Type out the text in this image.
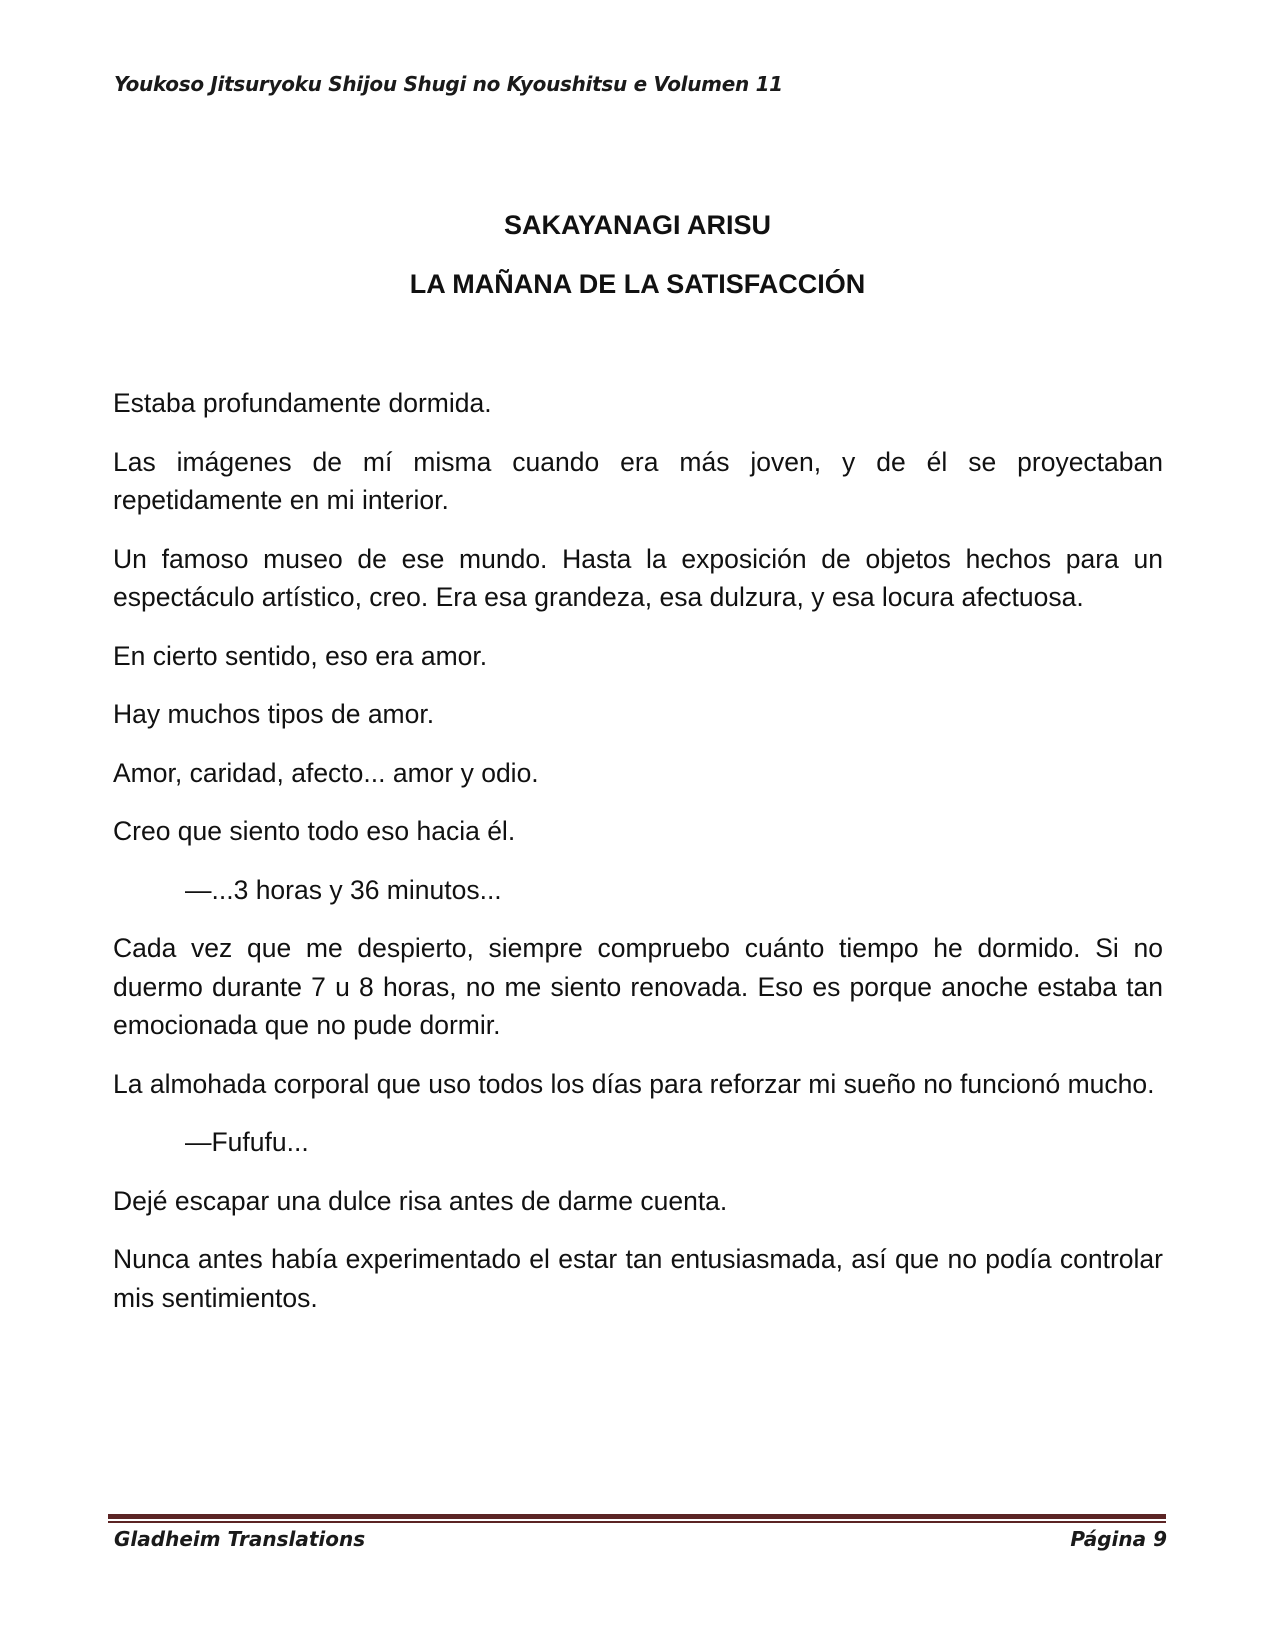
Youkoso Jitsuryoku Shijou Shugi no Kyoushitsu e Volumen 11
SAKAYANAGI ARISU
LA MAÑANA DE LA SATISFACCIÓN

Estaba profundamente dormida.

Las imágenes de mí misma cuando era más joven, y de él se proyectaban repetidamente en mi interior.

Un famoso museo de ese mundo. Hasta la exposición de objetos hechos para un espectáculo artístico, creo. Era esa grandeza, esa dulzura, y esa locura afectuosa.

En cierto sentido, eso era amor.

Hay muchos tipos de amor.

Amor, caridad, afecto... amor y odio.

Creo que siento todo eso hacia él.

—...3 horas y 36 minutos...

Cada vez que me despierto, siempre compruebo cuánto tiempo he dormido. Si no duermo durante 7 u 8 horas, no me siento renovada. Eso es porque anoche estaba tan emocionada que no pude dormir.

La almohada corporal que uso todos los días para reforzar mi sueño no funcionó mucho.

—Fufufu...

Dejé escapar una dulce risa antes de darme cuenta.

Nunca antes había experimentado el estar tan entusiasmada, así que no podía controlar mis sentimientos.

Gladheim Translations	Página 9
